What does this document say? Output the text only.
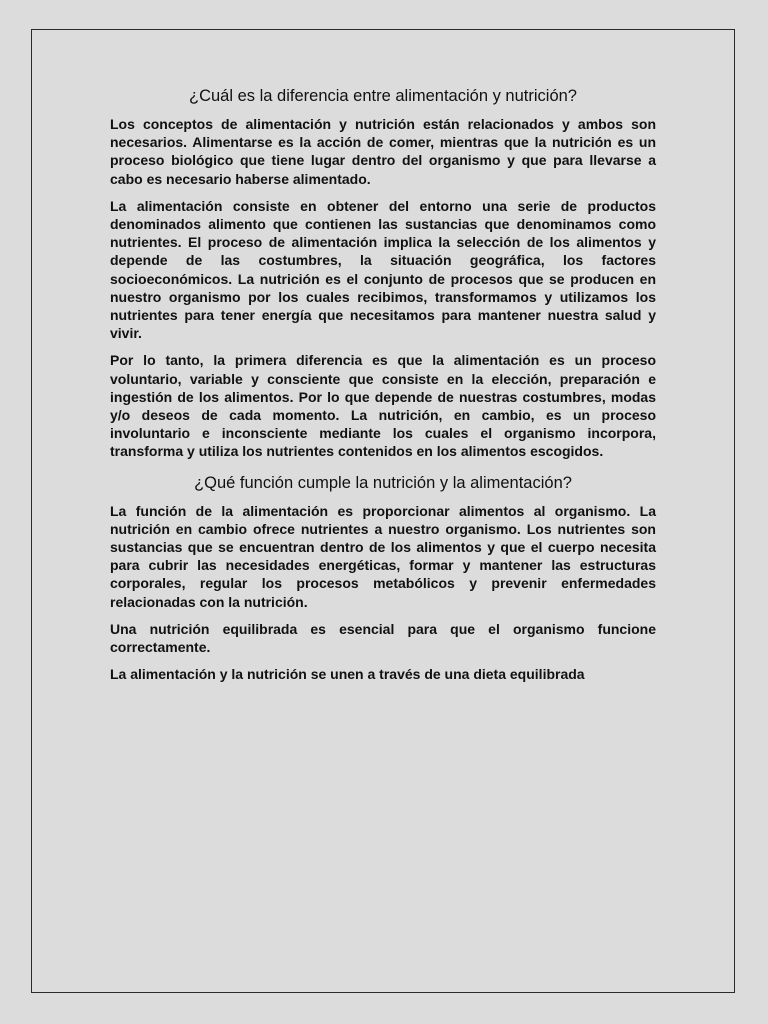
¿Cuál es la diferencia entre alimentación y nutrición?

Los conceptos de alimentación y nutrición están relacionados y ambos son necesarios. Alimentarse es la acción de comer, mientras que la nutrición es un proceso biológico que tiene lugar dentro del organismo y que para llevarse a cabo es necesario haberse alimentado.

La alimentación consiste en obtener del entorno una serie de productos denominados alimento que contienen las sustancias que denominamos como nutrientes. El proceso de alimentación implica la selección de los alimentos y depende de las costumbres, la situación geográfica, los factores socioeconómicos. La nutrición es el conjunto de procesos que se producen en nuestro organismo por los cuales recibimos, transformamos y utilizamos los nutrientes para tener energía que necesitamos para mantener nuestra salud y vivir.

Por lo tanto, la primera diferencia es que la alimentación es un proceso voluntario, variable y consciente que consiste en la elección, preparación e ingestión de los alimentos. Por lo que depende de nuestras costumbres, modas y/o deseos de cada momento. La nutrición, en cambio, es un proceso involuntario e inconsciente mediante los cuales el organismo incorpora, transforma y utiliza los nutrientes contenidos en los alimentos escogidos.

¿Qué función cumple la nutrición y la alimentación?

La función de la alimentación es proporcionar alimentos al organismo. La nutrición en cambio ofrece nutrientes a nuestro organismo. Los nutrientes son sustancias que se encuentran dentro de los alimentos y que el cuerpo necesita para cubrir las necesidades energéticas, formar y mantener las estructuras corporales, regular los procesos metabólicos y prevenir enfermedades relacionadas con la nutrición.

Una nutrición equilibrada es esencial para que el organismo funcione correctamente.

La alimentación y la nutrición se unen a través de una dieta equilibrada
